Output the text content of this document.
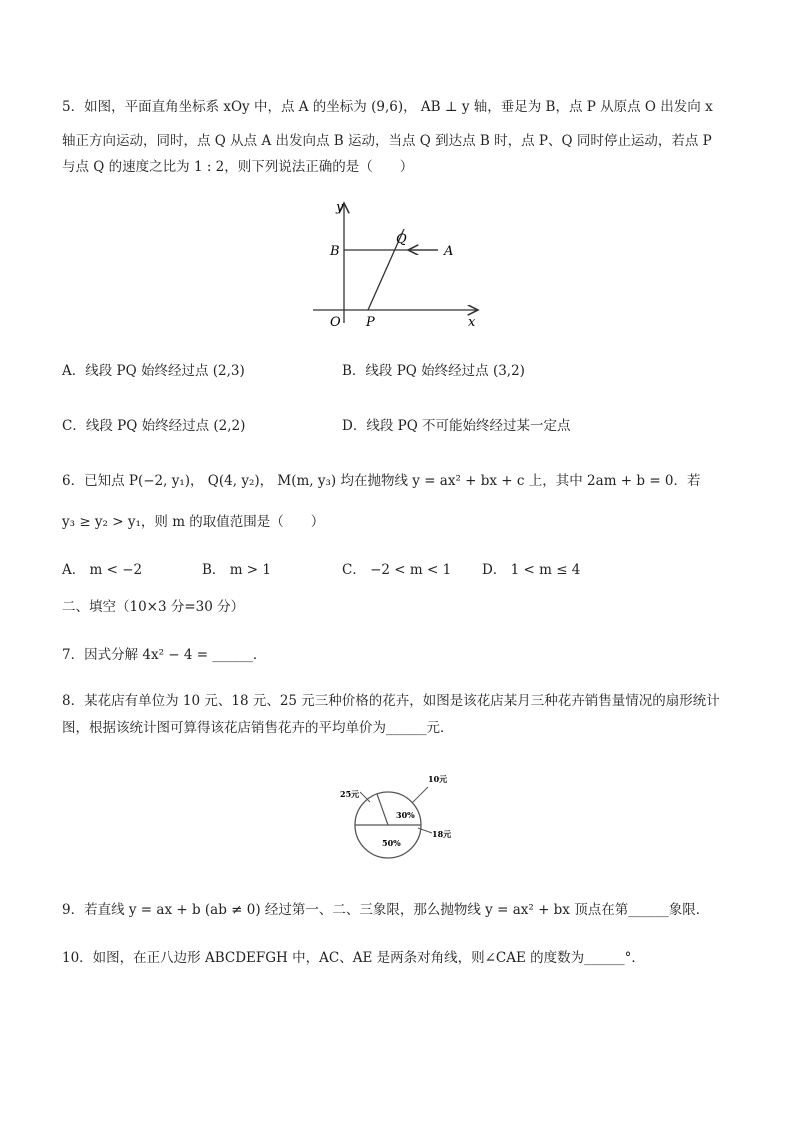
5．如图，平面直角坐标系 xOy 中，点 A 的坐标为 (9,6)， AB ⊥ y 轴，垂足为 B，点 P 从原点 O 出发向 x
轴正方向运动，同时，点 Q 从点 A 出发向点 B 运动，当点 Q 到达点 B 时，点 P、Q 同时停止运动，若点 P
与点 Q 的速度之比为 1 : 2，则下列说法正确的是（　　）
y
x
O
B
Q
A
P
A．线段 PQ 始终经过点 (2,3)	B．线段 PQ 始终经过点 (3,2)
C．线段 PQ 始终经过点 (2,2)	D．线段 PQ 不可能始终经过某一定点
6．已知点 P(−2, y₁)， Q(4, y₂)， M(m, y₃) 均在抛物线 y = ax² + bx + c 上，其中 2am + b = 0．若
y₃ ≥ y₂ > y₁，则 m 的取值范围是（　　）
A． m < −2	B． m > 1	C． −2 < m < 1 D． 1 < m ≤ 4
二、填空（10×3 分=30 分）
7．因式分解 4x² − 4 = ______．
8．某花店有单位为 10 元、18 元、25 元三种价格的花卉，如图是该花店某月三种花卉销售量情况的扇形统计
图，根据该统计图可算得该花店销售花卉的平均单价为______元．
25元
10元
18元
30%
50%
9．若直线 y = ax + b (ab ≠ 0) 经过第一、二、三象限，那么抛物线 y = ax² + bx 顶点在第______象限．
10．如图，在正八边形 ABCDEFGH 中，AC、AE 是两条对角线，则∠CAE 的度数为______°．
